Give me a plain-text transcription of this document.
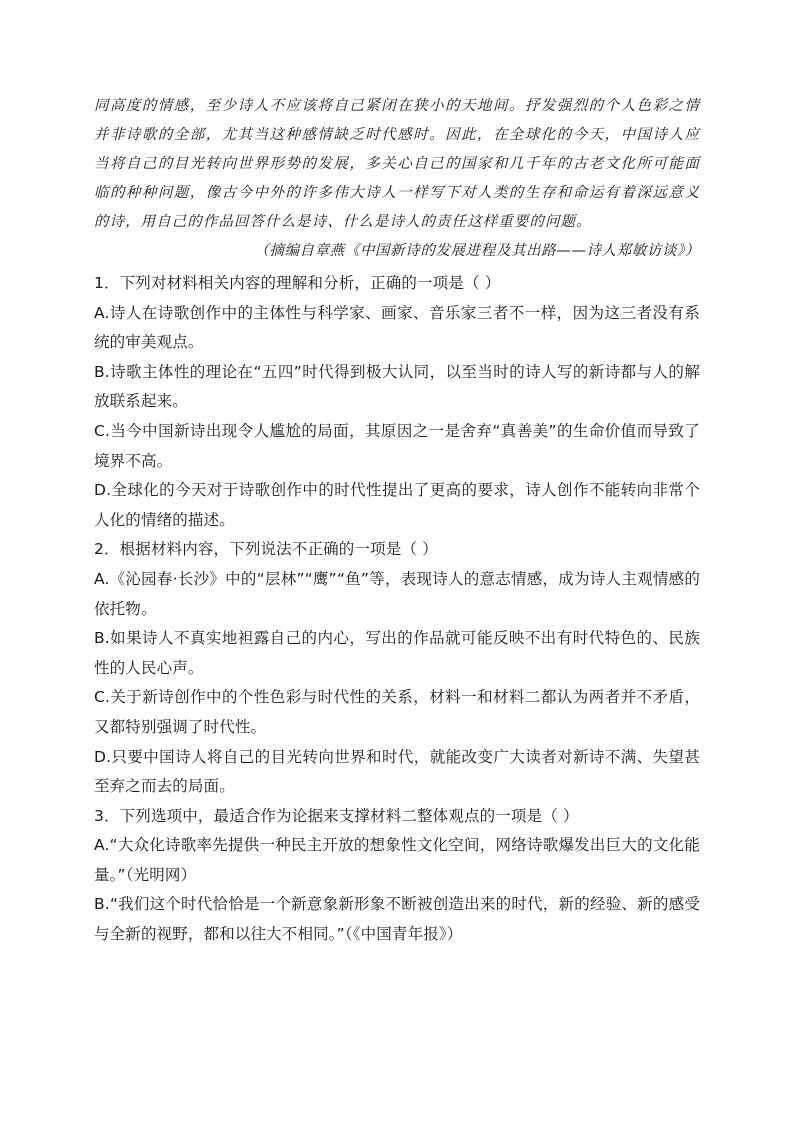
同高度的情感，至少诗人不应该将自己紧闭在狭小的天地间。抒发强烈的个人色彩之情并非诗歌的全部，尤其当这种感情缺乏时代感时。因此，在全球化的今天，中国诗人应当将自己的目光转向世界形势的发展，多关心自己的国家和几千年的古老文化所可能面临的种种问题，像古今中外的许多伟大诗人一样写下对人类的生存和命运有着深远意义的诗，用自己的作品回答什么是诗、什么是诗人的责任这样重要的问题。

（摘编自章燕《中国新诗的发展进程及其出路——诗人郑敏访谈》）

1．下列对材料相关内容的理解和分析，正确的一项是（ ）

A.诗人在诗歌创作中的主体性与科学家、画家、音乐家三者不一样，因为这三者没有系统的审美观点。

B.诗歌主体性的理论在“五四”时代得到极大认同，以至当时的诗人写的新诗都与人的解放联系起来。

C.当今中国新诗出现令人尴尬的局面，其原因之一是舍弃“真善美”的生命价值而导致了境界不高。

D.全球化的今天对于诗歌创作中的时代性提出了更高的要求，诗人创作不能转向非常个人化的情绪的描述。

2．根据材料内容，下列说法不正确的一项是（ ）

A.《沁园春·长沙》中的“层林”“鹰”“鱼”等，表现诗人的意志情感，成为诗人主观情感的依托物。

B.如果诗人不真实地袒露自己的内心，写出的作品就可能反映不出有时代特色的、民族性的人民心声。

C.关于新诗创作中的个性色彩与时代性的关系，材料一和材料二都认为两者并不矛盾，又都特别强调了时代性。

D.只要中国诗人将自己的目光转向世界和时代，就能改变广大读者对新诗不满、失望甚至弃之而去的局面。

3．下列选项中，最适合作为论据来支撑材料二整体观点的一项是（ ）

A.“大众化诗歌率先提供一种民主开放的想象性文化空间，网络诗歌爆发出巨大的文化能量。”（光明网）

B.“我们这个时代恰恰是一个新意象新形象不断被创造出来的时代，新的经验、新的感受与全新的视野，都和以往大不相同。”（《中国青年报》）
